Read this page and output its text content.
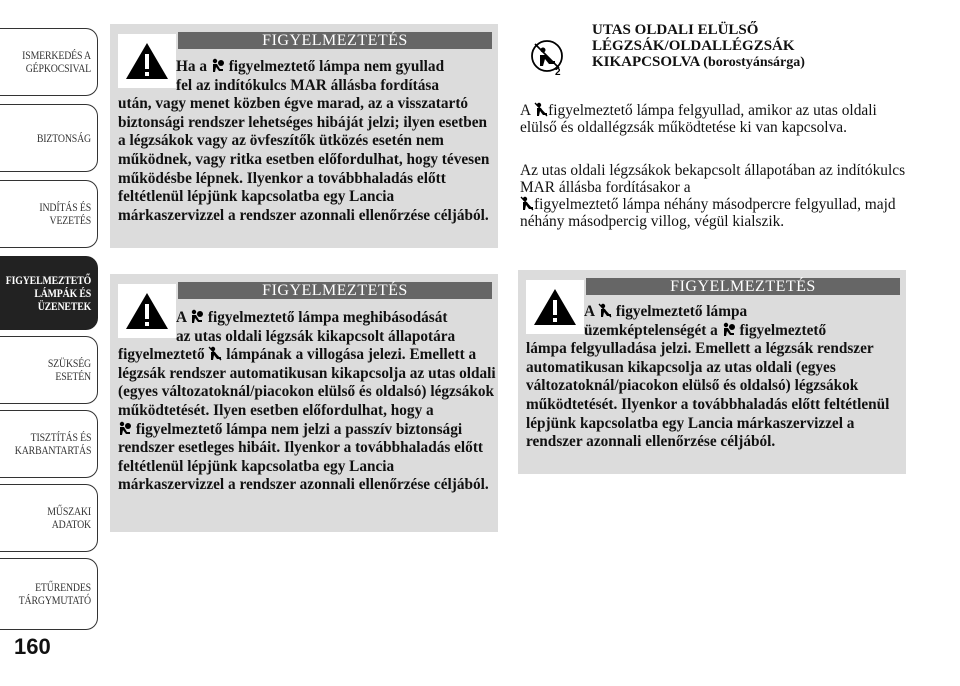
ISMERKEDÉS A GÉPKOCSIVAL
BIZTONSÁG
INDÍTÁS ÉS VEZETÉS
FIGYELMEZTETŐ LÁMPÁK ÉS ÜZENETEK
SZÜKSÉG ESETÉN
TISZTÍTÁS ÉS KARBANTARTÁS
MŰSZAKI ADATOK
ETŰRENDES TÁRGYMUTATÓ
160
FIGYELMEZTETÉS
Ha a figyelmeztető lámpa nem gyullad
fel az indítókulcs MAR állásba fordítása
után, vagy menet közben égve marad, az a visszatartó biztonsági rendszer lehetséges hibáját jelzi; ilyen esetben a légzsákok vagy az övfeszítők ütközés esetén nem működnek, vagy ritka esetben előfordulhat, hogy tévesen működésbe lépnek. Ilyenkor a továbbhaladás előtt feltétlenül lépjünk kapcsolatba egy Lancia márkaszervizzel a rendszer azonnali ellenőrzése céljából.
FIGYELMEZTETÉS
A figyelmeztető lámpa meghibásodását
az utas oldali légzsák kikapcsolt állapotára
figyelmeztető lámpának a villogása jelezi. Emellett a légzsák rendszer automatikusan kikapcsolja az utas oldali (egyes változatoknál/piacokon elülső és oldalsó) légzsákok működtetését. Ilyen esetben előfordulhat, hogy a

figyelmeztető lámpa nem jelzi a passzív biztonsági rendszer esetleges hibáit. Ilyenkor a továbbhaladás előtt feltétlenül lépjünk kapcsolatba egy Lancia márkaszervizzel a rendszer azonnali ellenőrzése céljából.
2
UTAS OLDALI ELÜLSŐ
LÉGZSÁK/OLDALLÉGZSÁK
KIKAPCSOLVA (borostyánsárga)
A figyelmeztető lámpa felgyullad, amikor az utas oldali elülső és oldallégzsák működtetése ki van kapcsolva.
Az utas oldali légzsákok bekapcsolt állapotában az indítókulcs MAR állásba fordításakor a

figyelmeztető lámpa néhány másodpercre felgyullad, majd néhány másodpercig villog, végül kialszik.
FIGYELMEZTETÉS
A figyelmeztető lámpa
üzemképtelenségét a figyelmeztető
lámpa felgyulladása jelzi. Emellett a légzsák rendszer automatikusan kikapcsolja az utas oldali (egyes változatoknál/piacokon elülső és oldalsó) légzsákok működtetését. Ilyenkor a továbbhaladás előtt feltétlenül lépjünk kapcsolatba egy Lancia márkaszervizzel a rendszer azonnali ellenőrzése céljából.
